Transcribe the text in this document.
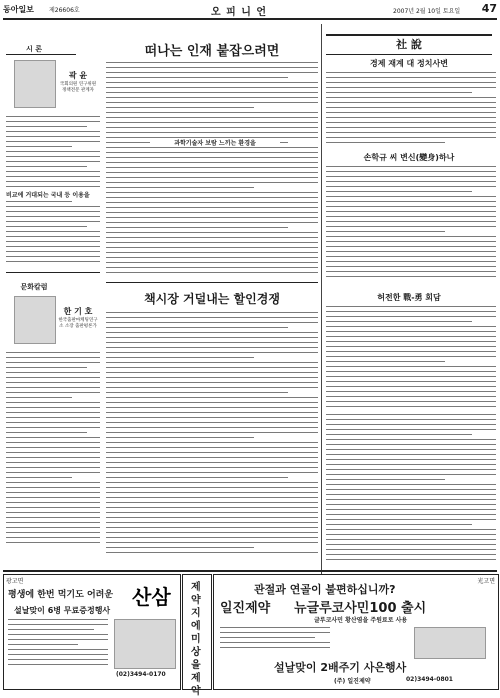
동아일보	제26606호	오 피 니 언	2007년 2월 10일 토요일 47
시 론
곽 윤
국회의원 연구위원 정책전문 관계자
비교에 거대되는 국내 등 이용을
떠나는 인재 붙잡으려면
과학기술자 보람 느끼는 환경을
社 說
경제 재계 대 정치사변
손학규 씨 변신(變身)하나
허전한 戰-勇 회담
문화칼럼
한 기 호
한국출판마케팅연구소 소장 출판평론가
책시장 거덜내는 할인경쟁
광고면
평생에 한번 먹기도 어려운 산삼
설날맞이 6병 무료증정행사
(02)3494-0170
제약 지에미 상을 제약
光고면
관절과 연골이 불편하십니까?
일진제약 뉴글루코사민100 출시
글루코사민 황산염을 주원료로 사용
설날맞이 2배주기 사은행사
(주) 일진제약	02)3494-0801
